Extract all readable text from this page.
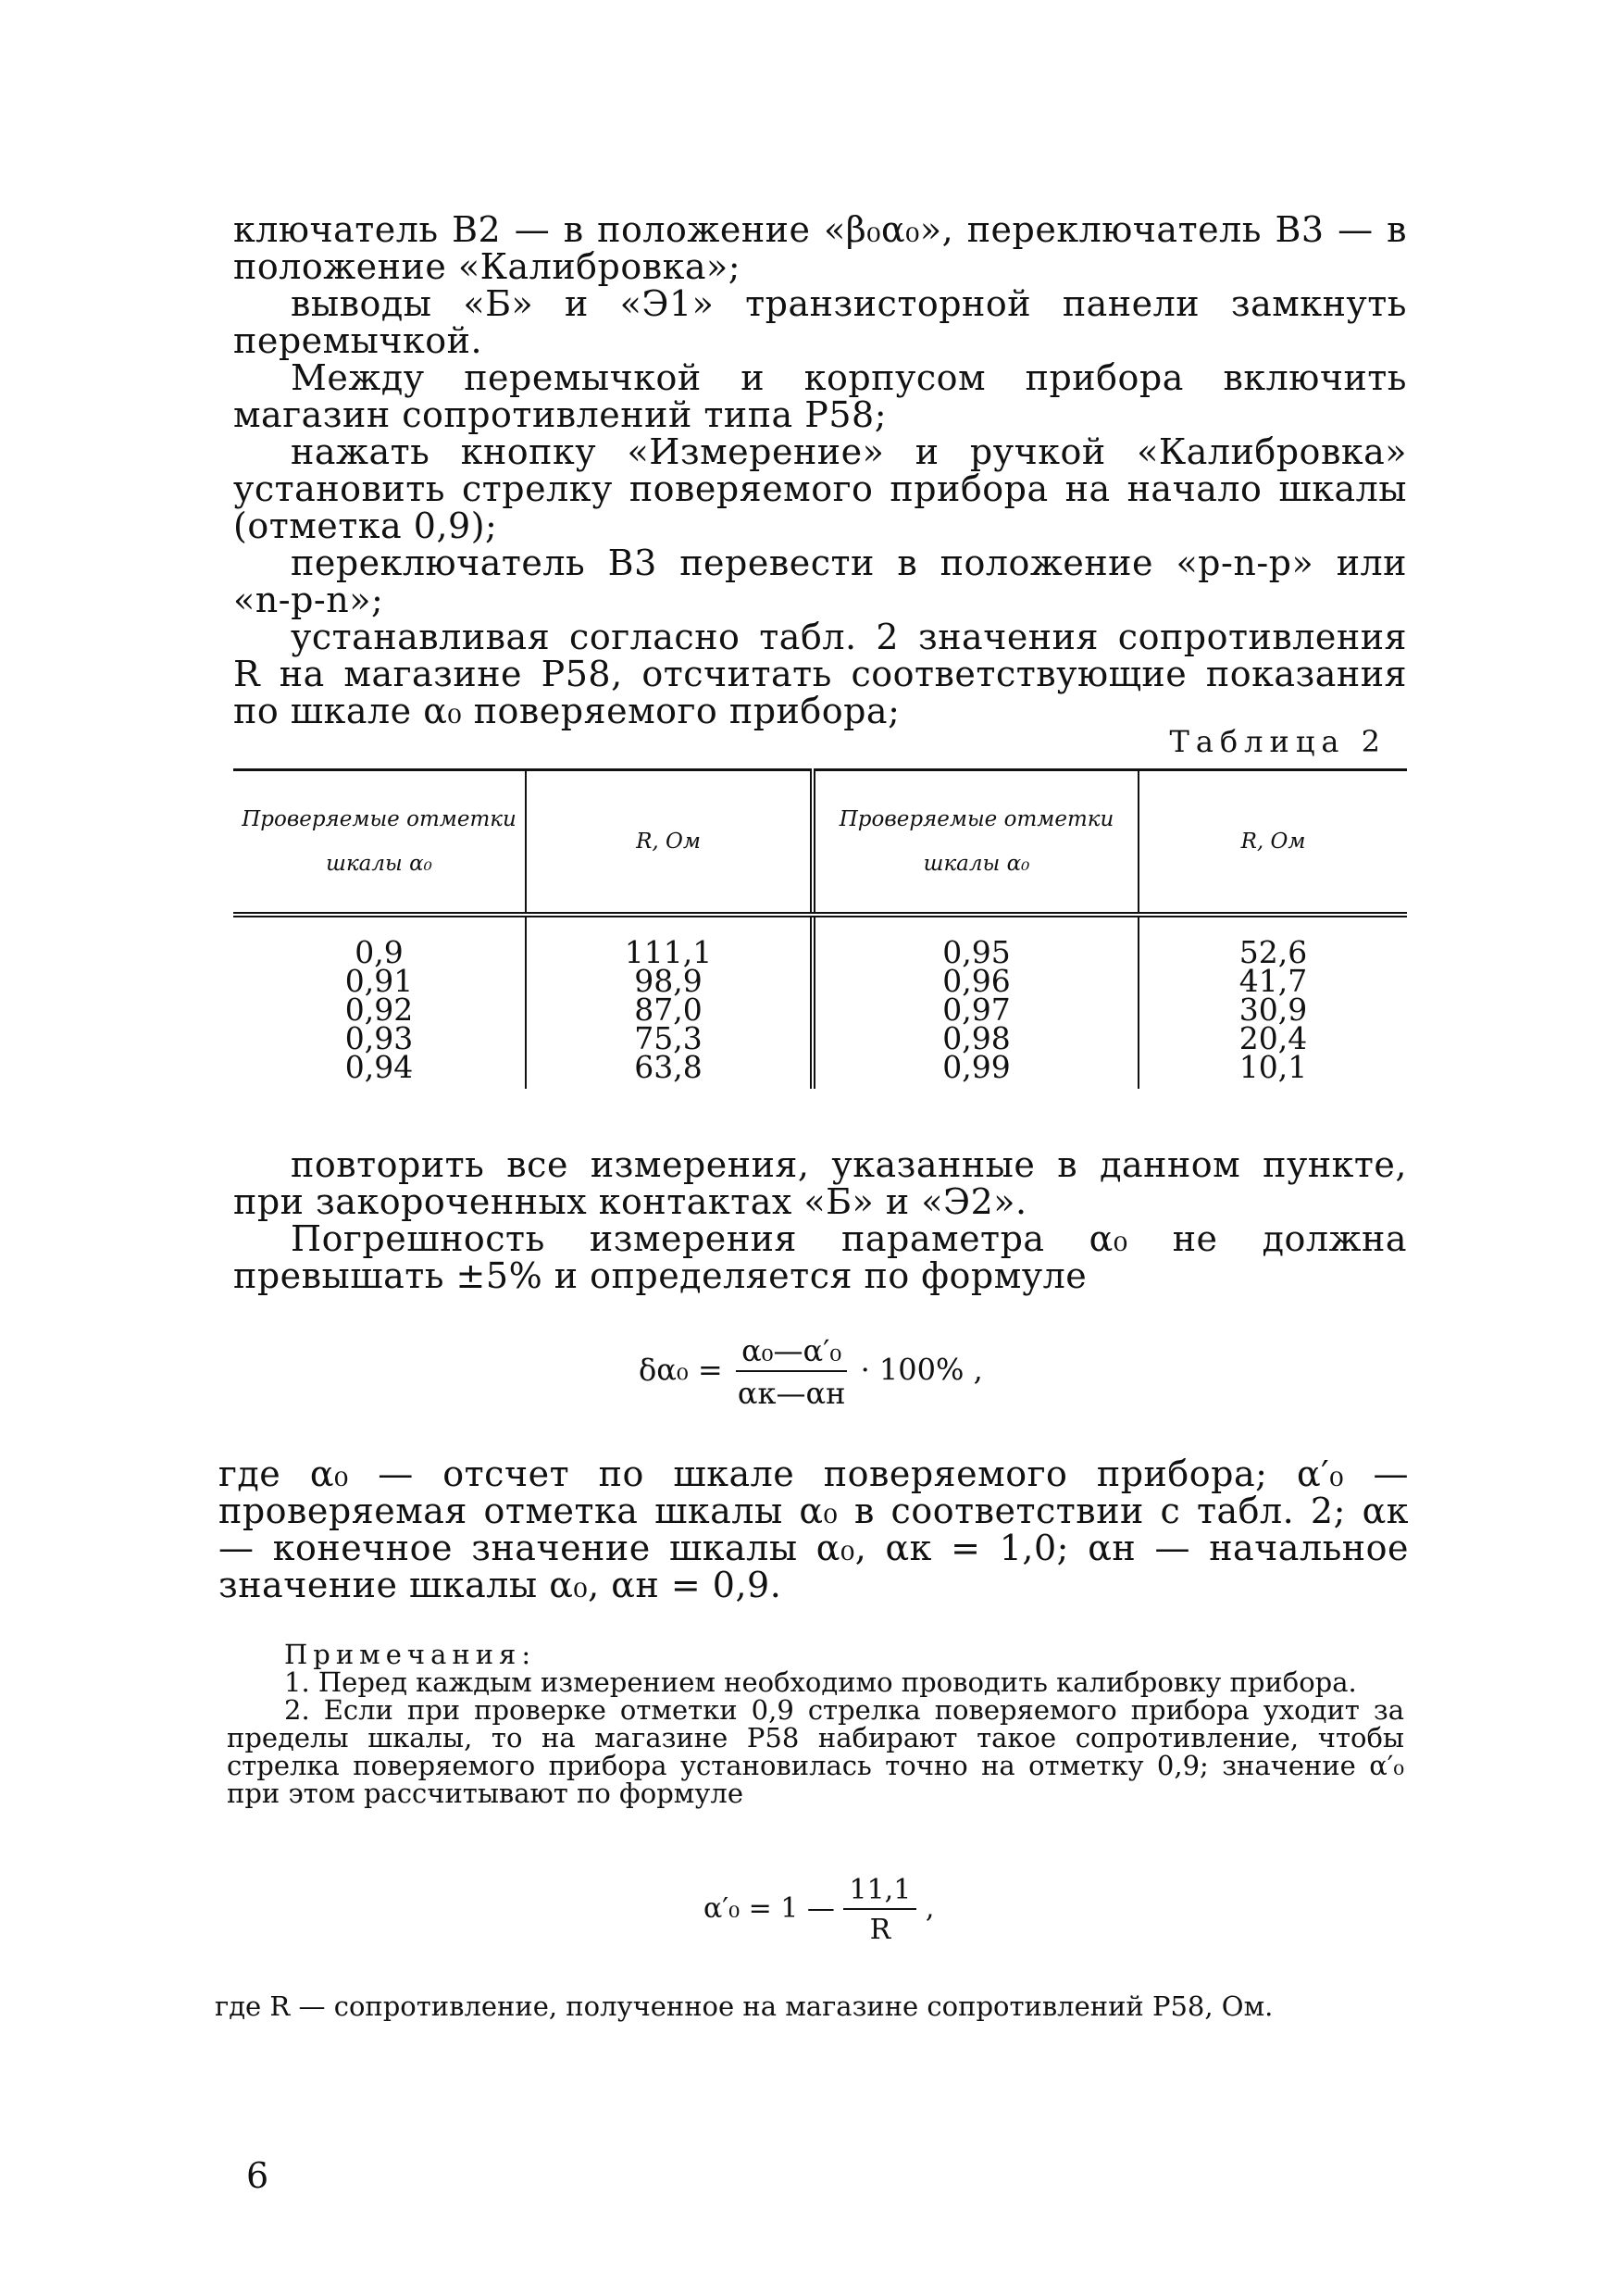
ключатель В2 — в положение «β₀α₀», переключатель В3 — в положение «Калибровка»;

выводы «Б» и «Э1» транзисторной панели замкнуть перемычкой.

Между перемычкой и корпусом прибора включить магазин сопротивлений типа Р58;

нажать кнопку «Измерение» и ручкой «Калибровка» установить стрелку поверяемого прибора на начало шкалы (отметка 0,9);

переключатель В3 перевести в положение «p-n-p» или «n-p-n»;

устанавливая согласно табл. 2 значения сопротивления R на магазине Р58, отсчитать соответствующие показания по шкале α₀ поверяемого прибора;

Таблица 2
Проверяемые отметки шкалы α₀	R, Ом	Проверяемые отметки шкалы α₀	R, Ом
0,9	111,1	0,95	52,6
0,91	98,9	0,96	41,7
0,92	87,0	0,97	30,9
0,93	75,3	0,98	20,4
0,94	63,8	0,99	10,1

повторить все измерения, указанные в данном пункте, при закороченных контактах «Б» и «Э2».

Погрешность измерения параметра α₀ не должна превышать ±5% и определяется по формуле

$\delta\alpha_0 = \frac{\text{α₀—α′₀}}{\alpha к—\alpha н} \cdot 100\%$ ,

где α₀ — отсчет по шкале поверяемого прибора; α′₀ — проверяемая отметка шкалы α₀ в соответствии с табл. 2; αк — конечное значение шкалы α₀, αк = 1,0; αн — начальное значение шкалы α₀, αн = 0,9.

Примечания:

1. Перед каждым измерением необходимо проводить калибровку прибора.

2. Если при проверке отметки 0,9 стрелка поверяемого прибора уходит за пределы шкалы, то на магазине Р58 набирают такое сопротивление, чтобы стрелка поверяемого прибора установилась точно на отметку 0,9; значение α′₀ при этом рассчитывают по формуле

α′₀ = 1 — $\frac{11,1}{R}$ ,

где R — сопротивление, полученное на магазине сопротивлений Р58, Ом.

6
